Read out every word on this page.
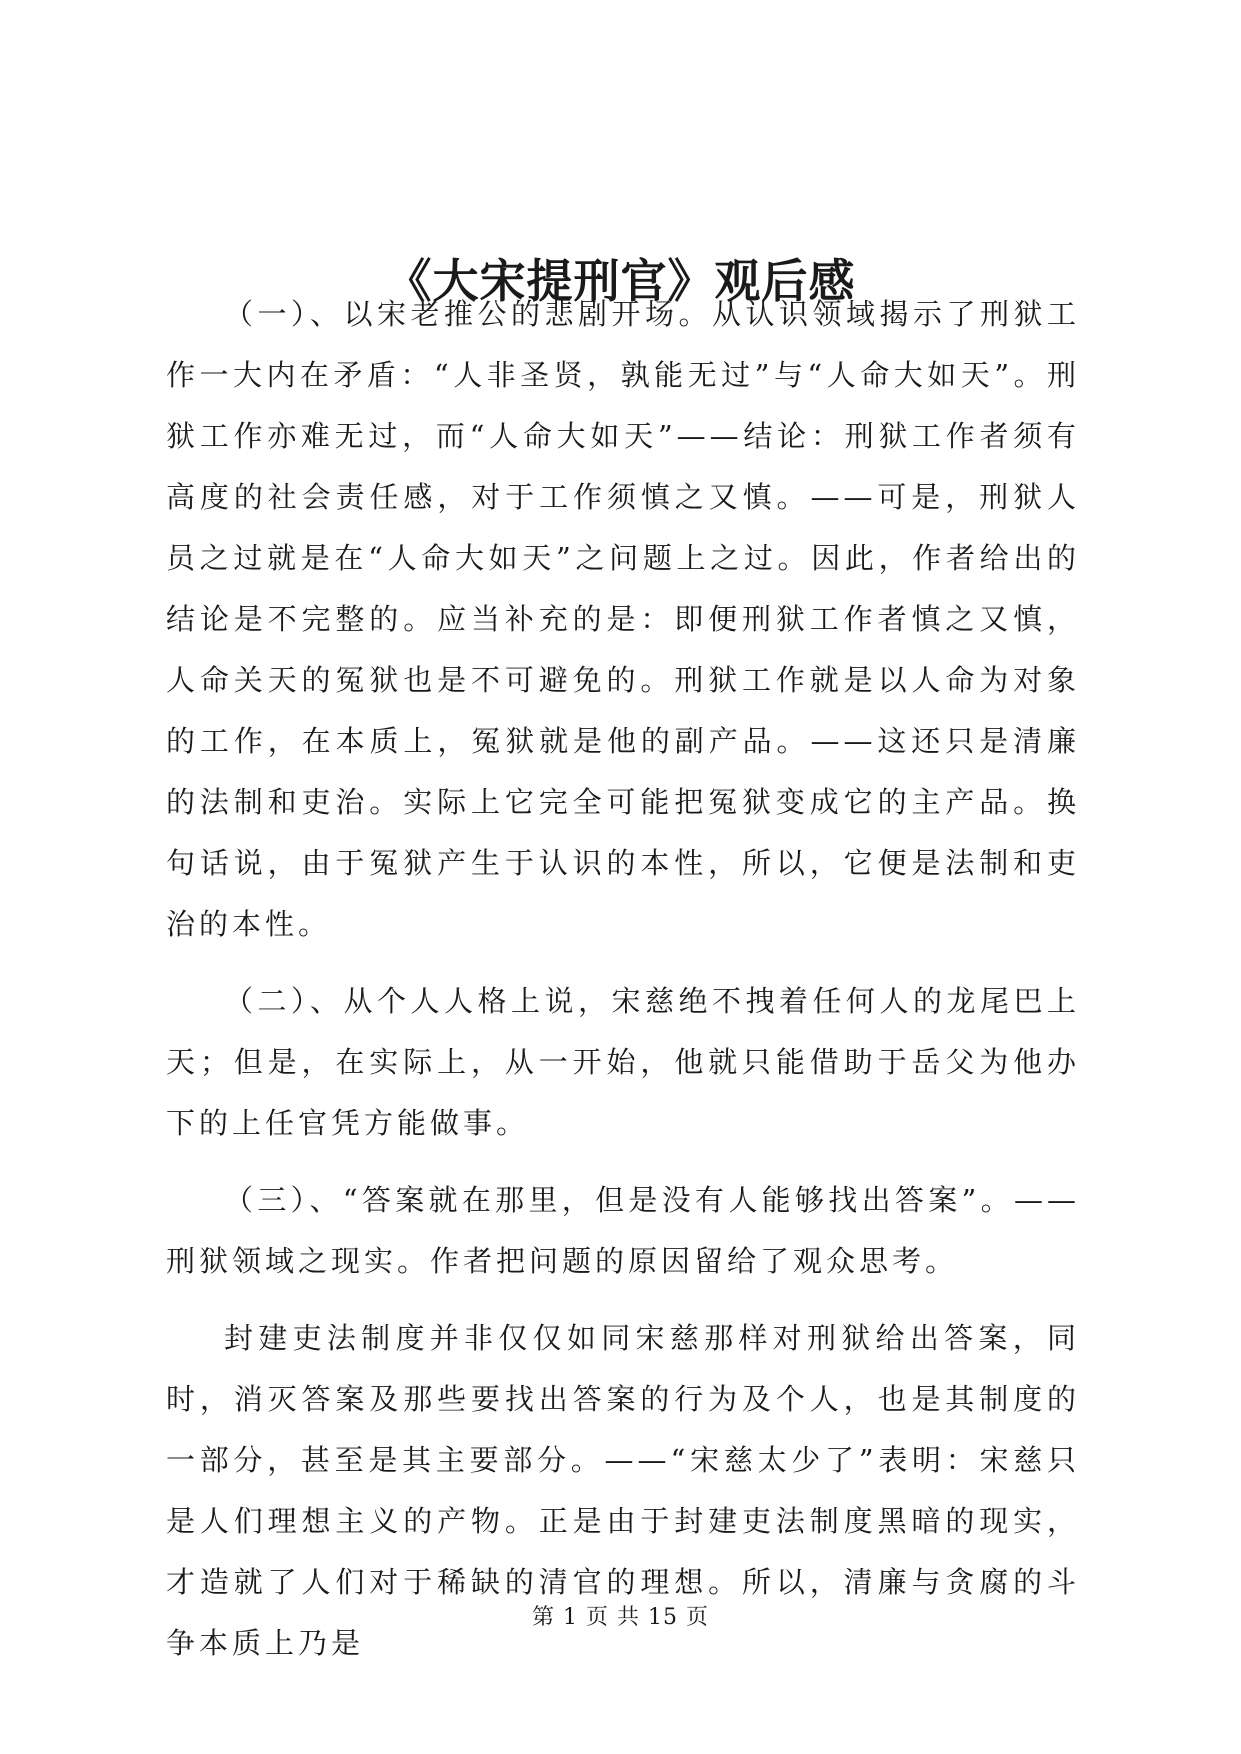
《大宋提刑官》观后感

（一）、以宋老推公的悲剧开场。从认识领域揭示了刑狱工作一大内在矛盾：“人非圣贤，孰能无过”与“人命大如天”。刑狱工作亦难无过，而“人命大如天”——结论：刑狱工作者须有高度的社会责任感，对于工作须慎之又慎。——可是，刑狱人员之过就是在“人命大如天”之问题上之过。因此，作者给出的结论是不完整的。应当补充的是：即便刑狱工作者慎之又慎，人命关天的冤狱也是不可避免的。刑狱工作就是以人命为对象的工作，在本质上，冤狱就是他的副产品。——这还只是清廉的法制和吏治。实际上它完全可能把冤狱变成它的主产品。换句话说，由于冤狱产生于认识的本性，所以，它便是法制和吏治的本性。

（二）、从个人人格上说，宋慈绝不拽着任何人的龙尾巴上天；但是，在实际上，从一开始，他就只能借助于岳父为他办下的上任官凭方能做事。

（三）、“答案就在那里，但是没有人能够找出答案”。——刑狱领域之现实。作者把问题的原因留给了观众思考。

封建吏法制度并非仅仅如同宋慈那样对刑狱给出答案，同时，消灭答案及那些要找出答案的行为及个人，也是其制度的一部分，甚至是其主要部分。——“宋慈太少了”表明：宋慈只是人们理想主义的产物。正是由于封建吏法制度黑暗的现实，才造就了人们对于稀缺的清官的理想。所以，清廉与贪腐的斗争本质上乃是

第 1 页 共 15 页
